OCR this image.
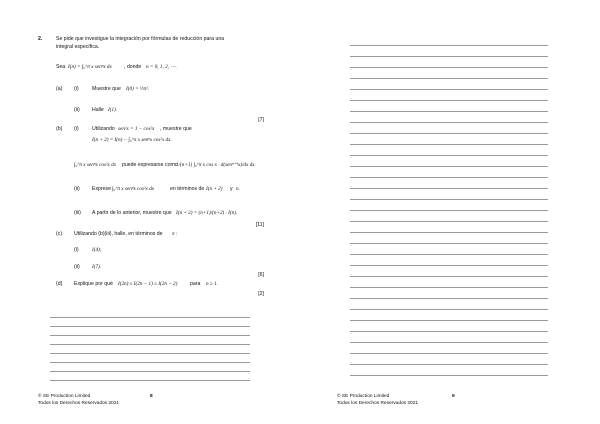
2.	Se pide que investigue la integración por fórmulas de reducción para una
integral específica.
Sea I(n) = ∫₀^π x senⁿx dx , donde n = 0, 1, 2, ⋯.
(a) (i)	Muestre que I(0) = ½π².
(ii) Halle I(1).
[7]
(b) (i)	Utilizando sen²x = 1 − cos²x , muestre que
I(n + 2) = I(n) − ∫₀^π x senⁿx cos²x dx.
∫₀^π x senⁿx cos²x dx puede expresarse como
1/(n+1) ∫₀^π x cos x · d(senⁿ⁺¹x)/dx dx.
(ii) Exprese ∫₀^π x senⁿx cos²x dx	en términos de I(n + 2) y n.
(iii) A partir de lo anterior, muestre que I(n + 2) = (n+1)/(n+2) · I(n).
[11]
(c) Utilizando (b)(iii), halle, en términos de π :
(i)	I(4);
(ii) I(7).
[6]
(d) Explique por qué I(2n) ≤ I(2n − 1) ≤ I(2n − 2) para n ≥ 1.
[2]
© SE Production Limited
Todos los Derechos Reservados 2021
8	© SE Production Limited
Todos los Derechos Reservados 2021
9
